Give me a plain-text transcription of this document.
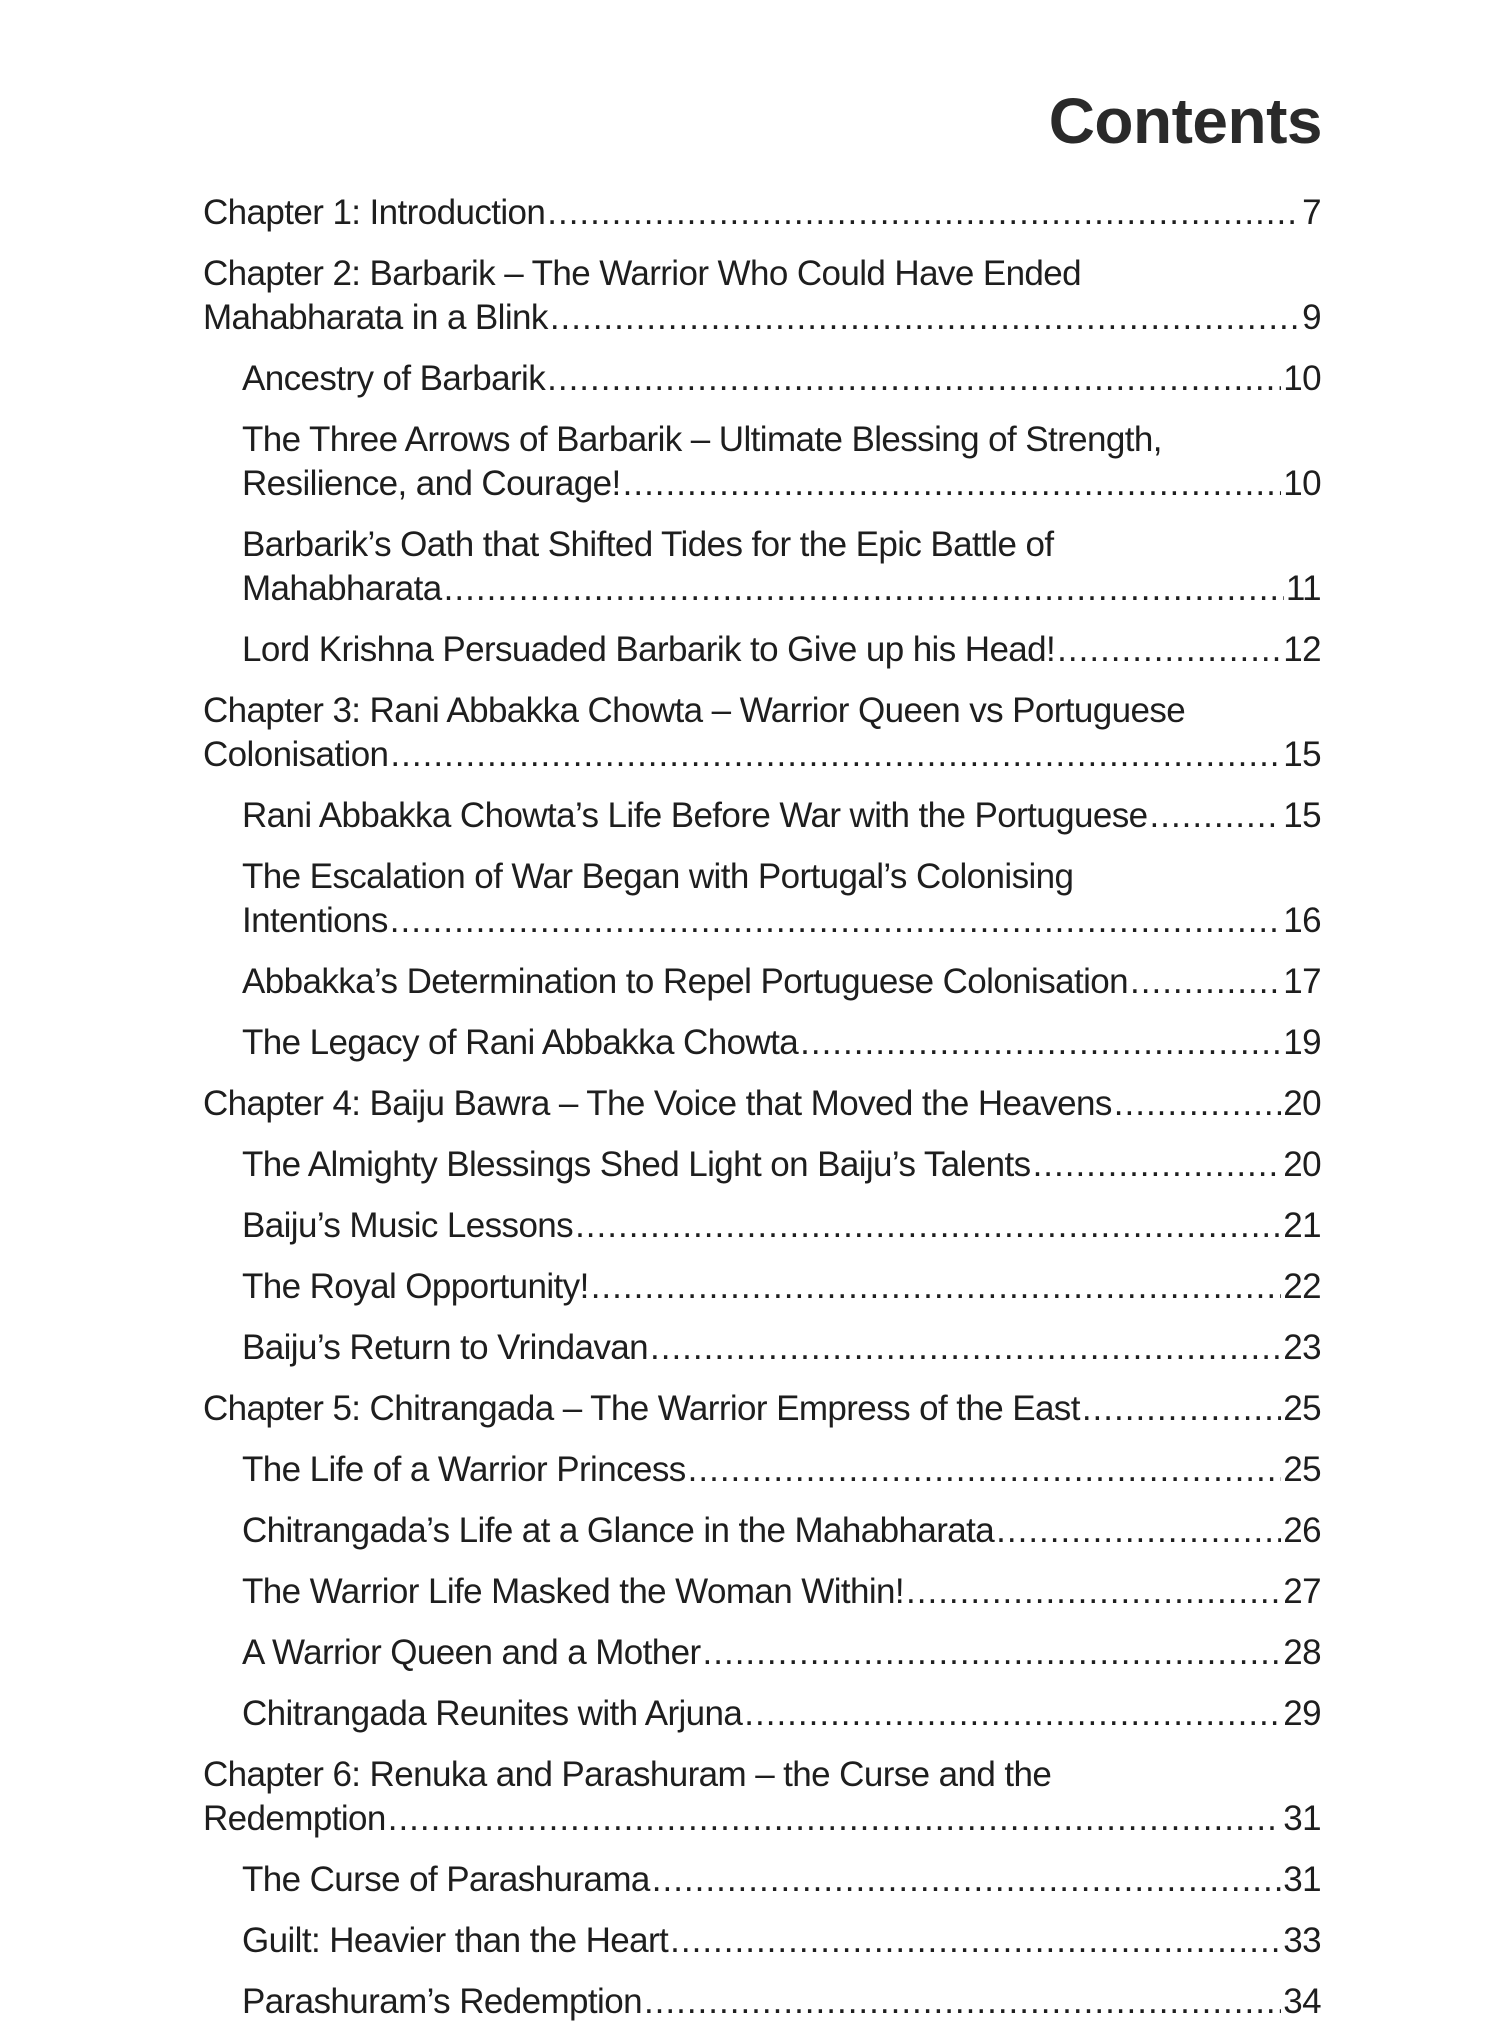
Contents
Chapter 1: Introduction .....	7
Chapter 2: Barbarik – The Warrior Who Could Have Ended
Mahabharata in a Blink .....	9
Ancestry of Barbarik .....	10
The Three Arrows of Barbarik – Ultimate Blessing of Strength,
Resilience, and Courage! .....	10
Barbarik’s Oath that Shifted Tides for the Epic Battle of
Mahabharata .....	11
Lord Krishna Persuaded Barbarik to Give up his Head! .....	12
Chapter 3: Rani Abbakka Chowta – Warrior Queen vs Portuguese
Colonisation .....	15
Rani Abbakka Chowta’s Life Before War with the Portuguese .....	15
The Escalation of War Began with Portugal’s Colonising
Intentions .....	16
Abbakka’s Determination to Repel Portuguese Colonisation .....	17
The Legacy of Rani Abbakka Chowta .....	19
Chapter 4: Baiju Bawra – The Voice that Moved the Heavens .....	20
The Almighty Blessings Shed Light on Baiju’s Talents .....	20
Baiju’s Music Lessons .....	21
The Royal Opportunity! .....	22
Baiju’s Return to Vrindavan .....	23
Chapter 5: Chitrangada – The Warrior Empress of the East .....	25
The Life of a Warrior Princess .....	25
Chitrangada’s Life at a Glance in the Mahabharata .....	26
The Warrior Life Masked the Woman Within! .....	27
A Warrior Queen and a Mother .....	28
Chitrangada Reunites with Arjuna .....	29
Chapter 6: Renuka and Parashuram – the Curse and the
Redemption .....	31
The Curse of Parashurama .....	31
Guilt: Heavier than the Heart .....	33
Parashuram’s Redemption .....	34
